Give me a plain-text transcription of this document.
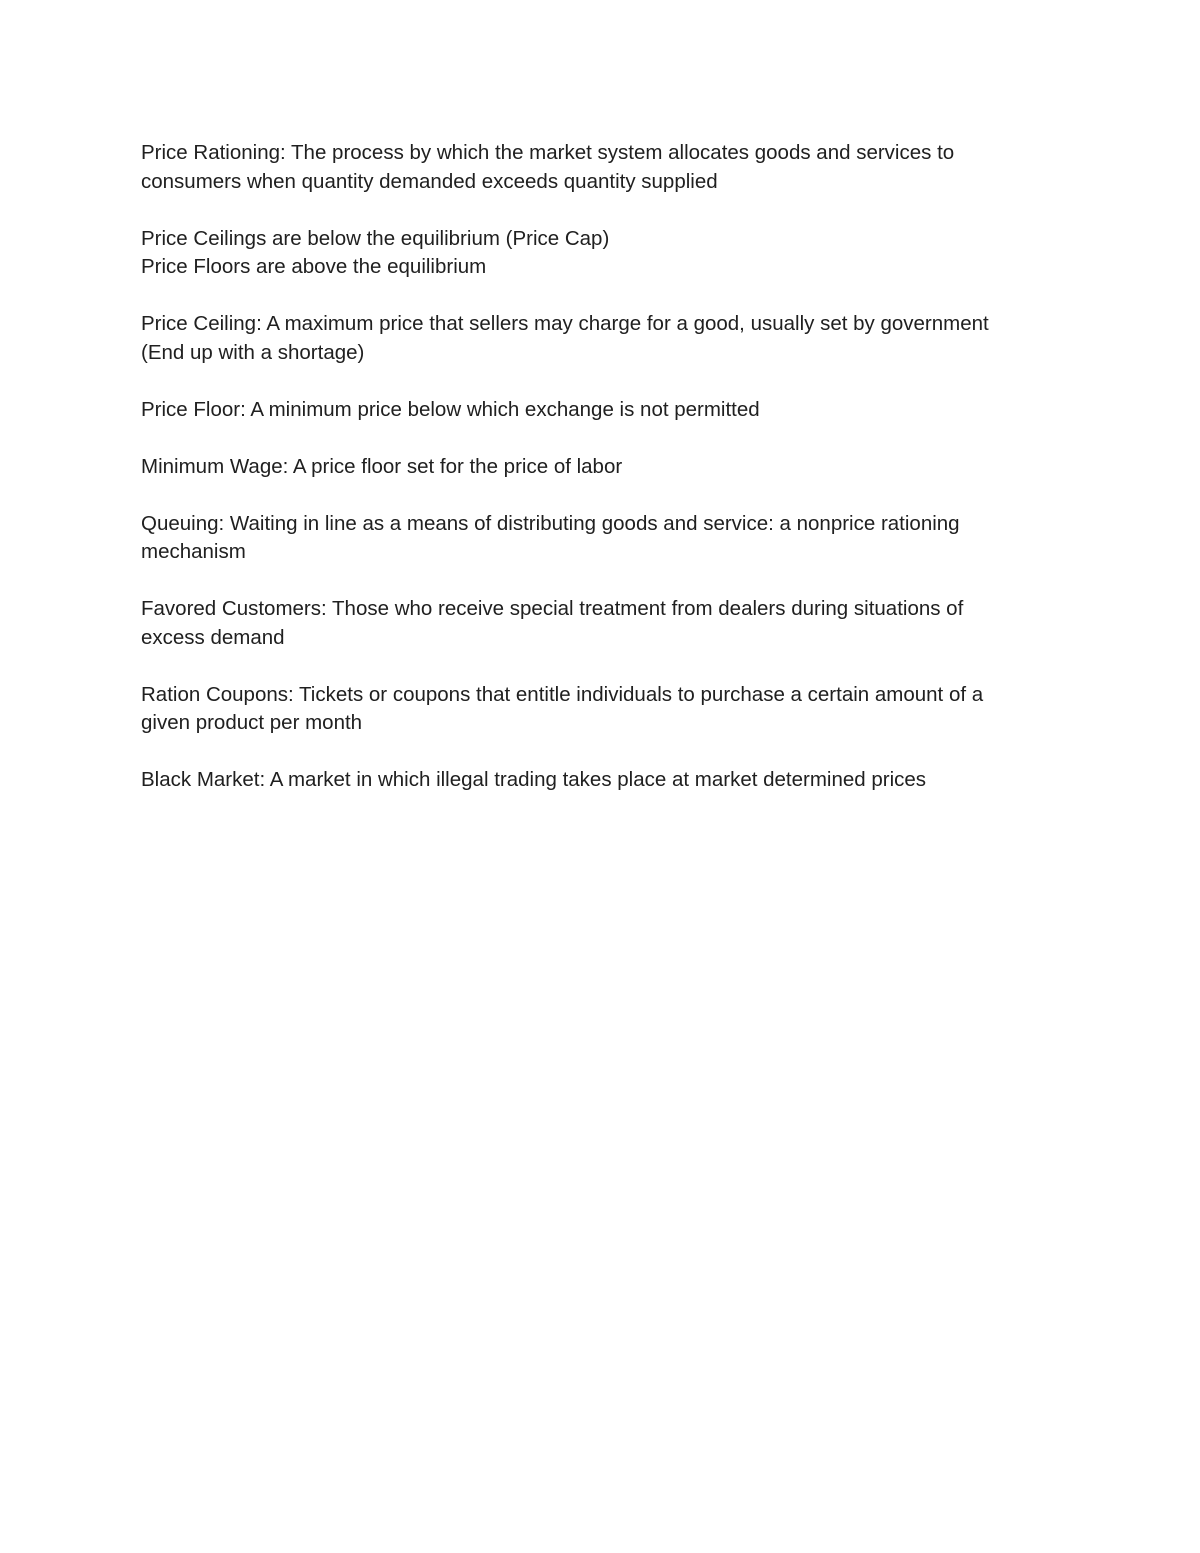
Price Rationing: The process by which the market system allocates goods and services to
consumers when quantity demanded exceeds quantity supplied

Price Ceilings are below the equilibrium (Price Cap)
Price Floors are above the equilibrium

Price Ceiling: A maximum price that sellers may charge for a good, usually set by government
(End up with a shortage)

Price Floor: A minimum price below which exchange is not permitted

Minimum Wage: A price floor set for the price of labor

Queuing: Waiting in line as a means of distributing goods and service: a nonprice rationing
mechanism

Favored Customers: Those who receive special treatment from dealers during situations of
excess demand

Ration Coupons: Tickets or coupons that entitle individuals to purchase a certain amount of a
given product per month

Black Market: A market in which illegal trading takes place at market determined prices
